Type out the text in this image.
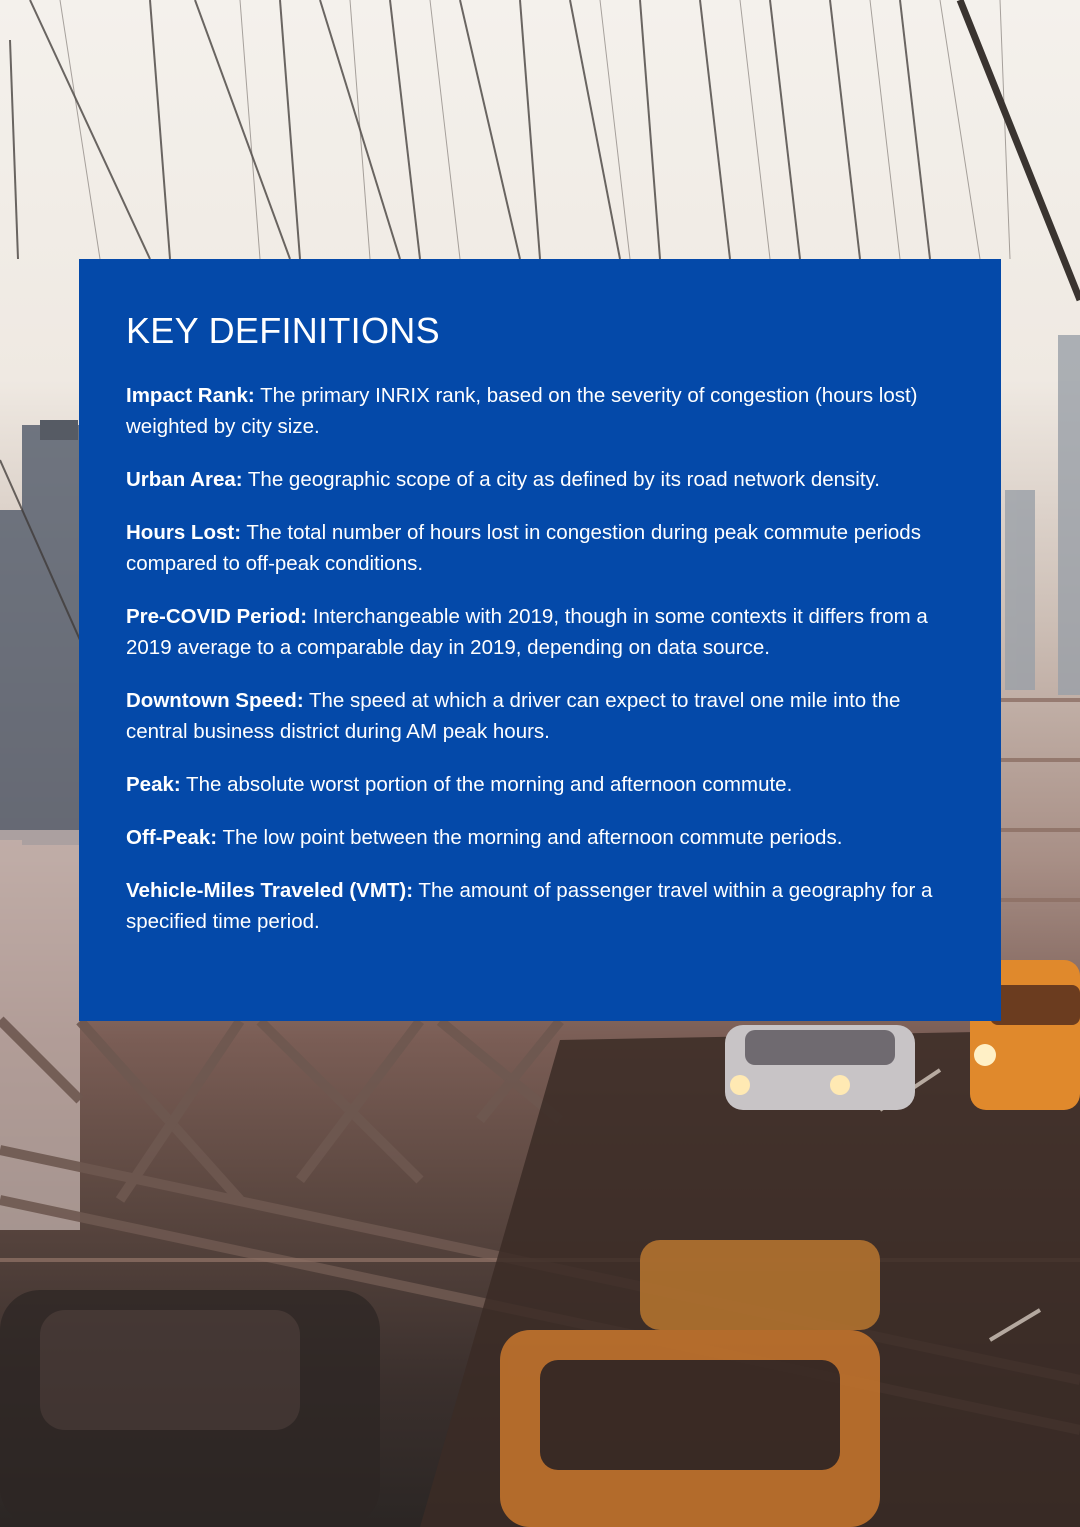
KEY DEFINITIONS

Impact Rank: The primary INRIX rank, based on the severity of congestion (hours lost) weighted by city size.

Urban Area: The geographic scope of a city as defined by its road network density.

Hours Lost: The total number of hours lost in congestion during peak commute periods compared to off-peak conditions.

Pre-COVID Period: Interchangeable with 2019, though in some contexts it differs from a 2019 average to a comparable day in 2019, depending on data source.

Downtown Speed: The speed at which a driver can expect to travel one mile into the central business district during AM peak hours.

Peak: The absolute worst portion of the morning and afternoon commute.

Off-Peak: The low point between the morning and afternoon commute periods.

Vehicle-Miles Traveled (VMT): The amount of passenger travel within a geography for a specified time period.
